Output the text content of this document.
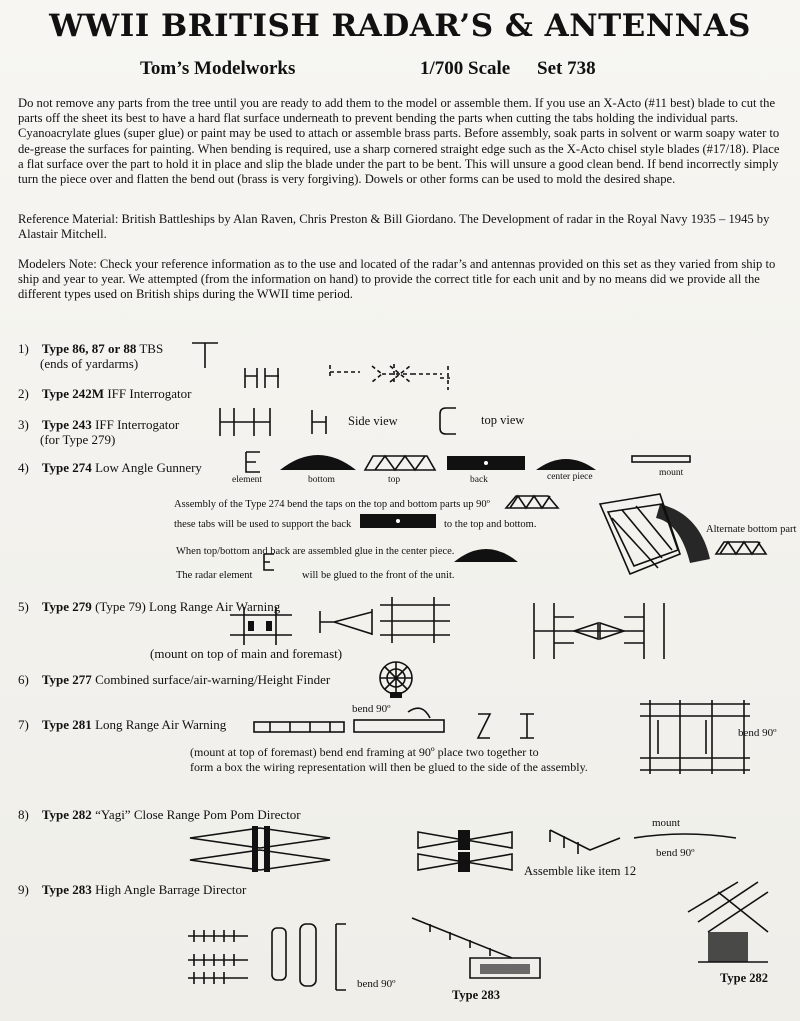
WWII BRITISH RADAR’S & ANTENNAS
Tom’s Modelworks	1/700 Scale Set 738
Do not remove any parts from the tree until you are ready to add them to the model or assemble them. If you use an X-Acto (#11 best) blade to cut the parts off the sheet its best to have a hard flat surface underneath to prevent bending the parts when cutting the tabs holding the individual parts. Cyanoacrylate glues (super glue) or paint may be used to attach or assemble brass parts. Before assembly, soak parts in solvent or warm soapy water to de-grease the surfaces for painting. When bending is required, use a sharp cornered straight edge such as the X-Acto chisel style blades (#17/18). Place a flat surface over the part to hold it in place and slip the blade under the part to be bent. This will unsure a good clean bend. If bend incorrectly simply turn the piece over and flatten the bend out (brass is very forgiving). Dowels or other forms can be used to mold the desired shape.
Reference Material: British Battleships by Alan Raven, Chris Preston & Bill Giordano. The Development of radar in the Royal Navy 1935 – 1945 by Alastair Mitchell.
Modelers Note: Check your reference information as to the use and located of the radar’s and antennas provided on this set as they varied from ship to ship and year to year. We attempted (from the information on hand) to provide the correct title for each unit and by no means did we provide all the different types used on British ships during the WWII time period.
1) Type 86, 87 or 88 TBS
(ends of yardarms)
2) Type 242M IFF Interrogator
3) Type 243 IFF Interrogator
(for Type 279)
Side view	top view
4) Type 274 Low Angle Gunnery
element	bottom	top	back	center piece	mount
Assembly of the Type 274 bend the taps on the top and bottom parts up 90º
these tabs will be used to support the back	to the top and bottom.
When top/bottom and back are assembled glue in the center piece.
The radar element	will be glued to the front of the unit.
Alternate bottom part
5) Type 279 (Type 79) Long Range Air Warning
(mount on top of main and foremast)
6) Type 277 Combined surface/air-warning/Height Finder
7) Type 281 Long Range Air Warning
bend 90º
bend 90º
(mount at top of foremast) bend end framing at 90º place two together to
form a box the wiring representation will then be glued to the side of the assembly.
8) Type 282 “Yagi” Close Range Pom Pom Director
mount
bend 90º
Assemble like item 12
9) Type 283 High Angle Barrage Director
bend 90º
Type 283
Type 282
